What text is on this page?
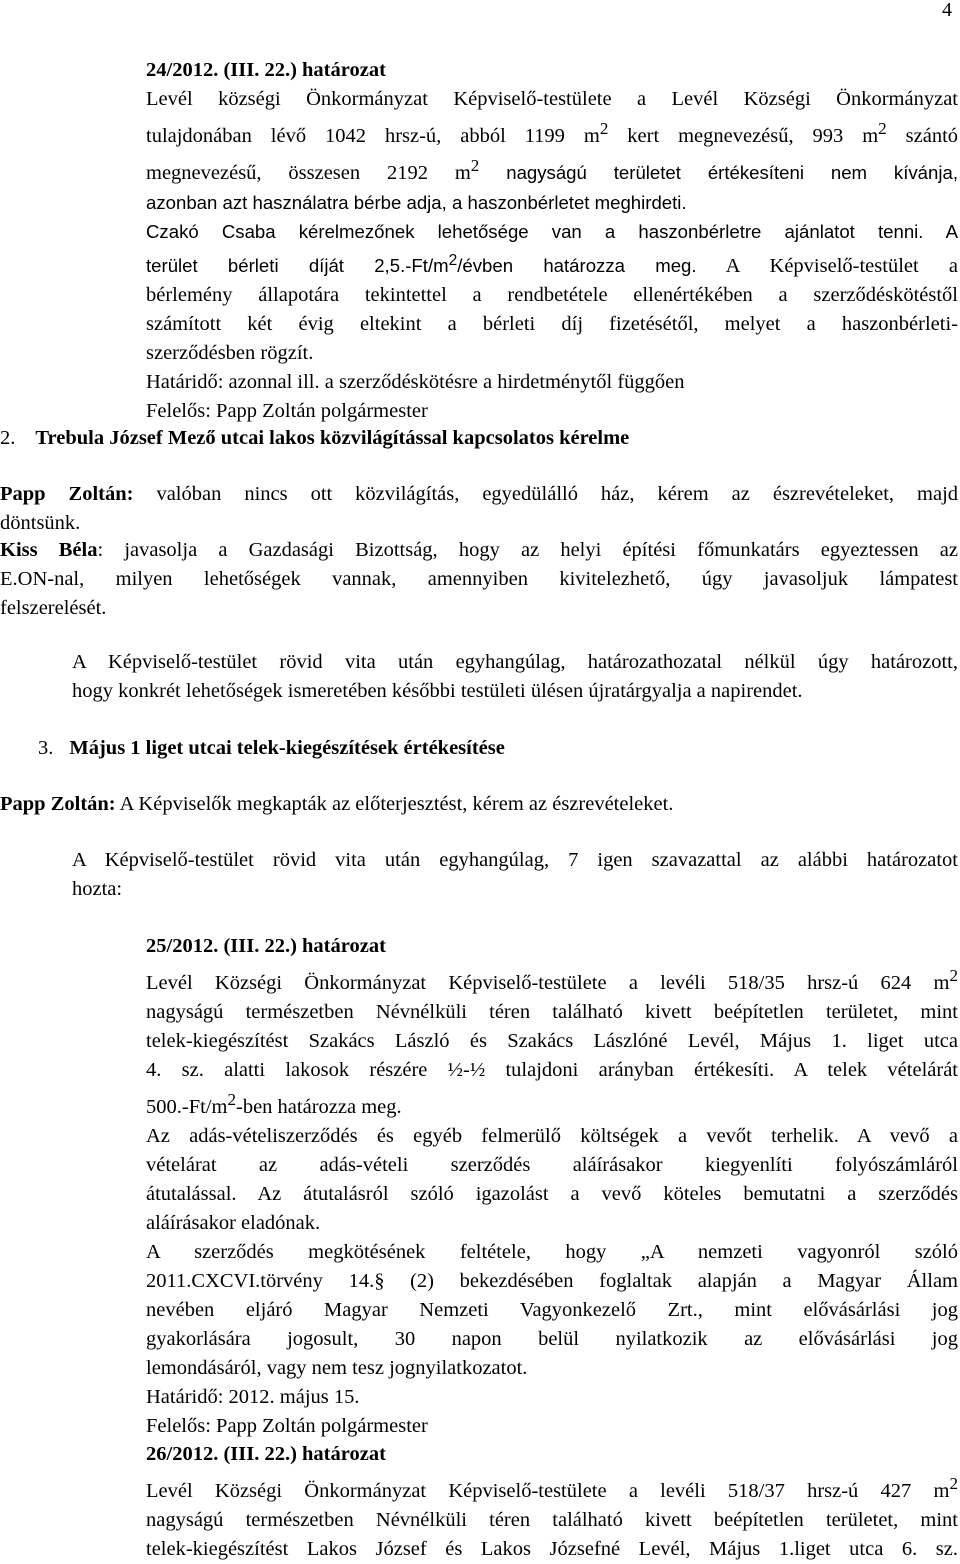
4
24/2012. (III. 22.) határozat
Levél községi Önkormányzat Képviselő-testülete a Levél Községi Önkormányzat
tulajdonában lévő 1042 hrsz-ú, abból 1199 $m^2$ kert megnevezésű, 993 $m^2$ szántó
megnevezésű, összesen 2192 $m^2$ nagyságú területet értékesíteni nem kívánja,
azonban azt használatra bérbe adja, a haszonbérletet meghirdeti.
Czakó Csaba kérelmezőnek lehetősége van a haszonbérletre ajánlatot tenni. A
terület bérleti díját $2,5.-Ft/m^2$/évben határozza meg. A Képviselő-testület a
bérlemény állapotára tekintettel a rendbetétele ellenértékében a szerződéskötéstől
számított két évig eltekint a bérleti díj fizetésétől, melyet a haszonbérleti-
szerződésben rögzít.
Határidő: azonnal ill. a szerződéskötésre a hirdetménytől függően
Felelős: Papp Zoltán polgármester
2. Trebula József Mező utcai lakos közvilágítással kapcsolatos kérelme
Papp Zoltán: valóban nincs ott közvilágítás, egyedülálló ház, kérem az észrevételeket, majd
döntsünk.
Kiss Béla: javasolja a Gazdasági Bizottság, hogy az helyi építési főmunkatárs egyeztessen az
E.ON-nal, milyen lehetőségek vannak, amennyiben kivitelezhető, úgy javasoljuk lámpatest
felszerelését.
A Képviselő-testület rövid vita után egyhangúlag, határozathozatal nélkül úgy határozott,
hogy konkrét lehetőségek ismeretében későbbi testületi ülésen újratárgyalja a napirendet.
3. Május 1 liget utcai telek-kiegészítések értékesítése
Papp Zoltán: A Képviselők megkapták az előterjesztést, kérem az észrevételeket.
A Képviselő-testület rövid vita után egyhangúlag, 7 igen szavazattal az alábbi határozatot
hozta:
25/2012. (III. 22.) határozat
Levél Községi Önkormányzat Képviselő-testülete a levéli 518/35 hrsz-ú 624 $m^2$
nagyságú természetben Névnélküli téren található kivett beépítetlen területet, mint
telek-kiegészítést Szakács László és Szakács Lászlóné Levél, Május 1. liget utca
4. sz. alatti lakosok részére ½-½ tulajdoni arányban értékesíti. A telek vételárát
$500.-Ft/m^2$-ben határozza meg.
Az adás-vételiszerződés és egyéb felmerülő költségek a vevőt terhelik. A vevő a
vételárat az adás-vételi szerződés aláírásakor kiegyenlíti folyószámláról
átutalással. Az átutalásról szóló igazolást a vevő köteles bemutatni a szerződés
aláírásakor eladónak.
A szerződés megkötésének feltétele, hogy „A nemzeti vagyonról szóló
2011.CXCVI.törvény 14.§ (2) bekezdésében foglaltak alapján a Magyar Állam
nevében eljáró Magyar Nemzeti Vagyonkezelő Zrt., mint elővásárlási jog
gyakorlására jogosult, 30 napon belül nyilatkozik az elővásárlási jog
lemondásáról, vagy nem tesz jognyilatkozatot.
Határidő: 2012. május 15.
Felelős: Papp Zoltán polgármester
26/2012. (III. 22.) határozat
Levél Községi Önkormányzat Képviselő-testülete a levéli 518/37 hrsz-ú 427 $m^2$
nagyságú természetben Névnélküli téren található kivett beépítetlen területet, mint
telek-kiegészítést Lakos József és Lakos Józsefné Levél, Május 1.liget utca 6. sz.
